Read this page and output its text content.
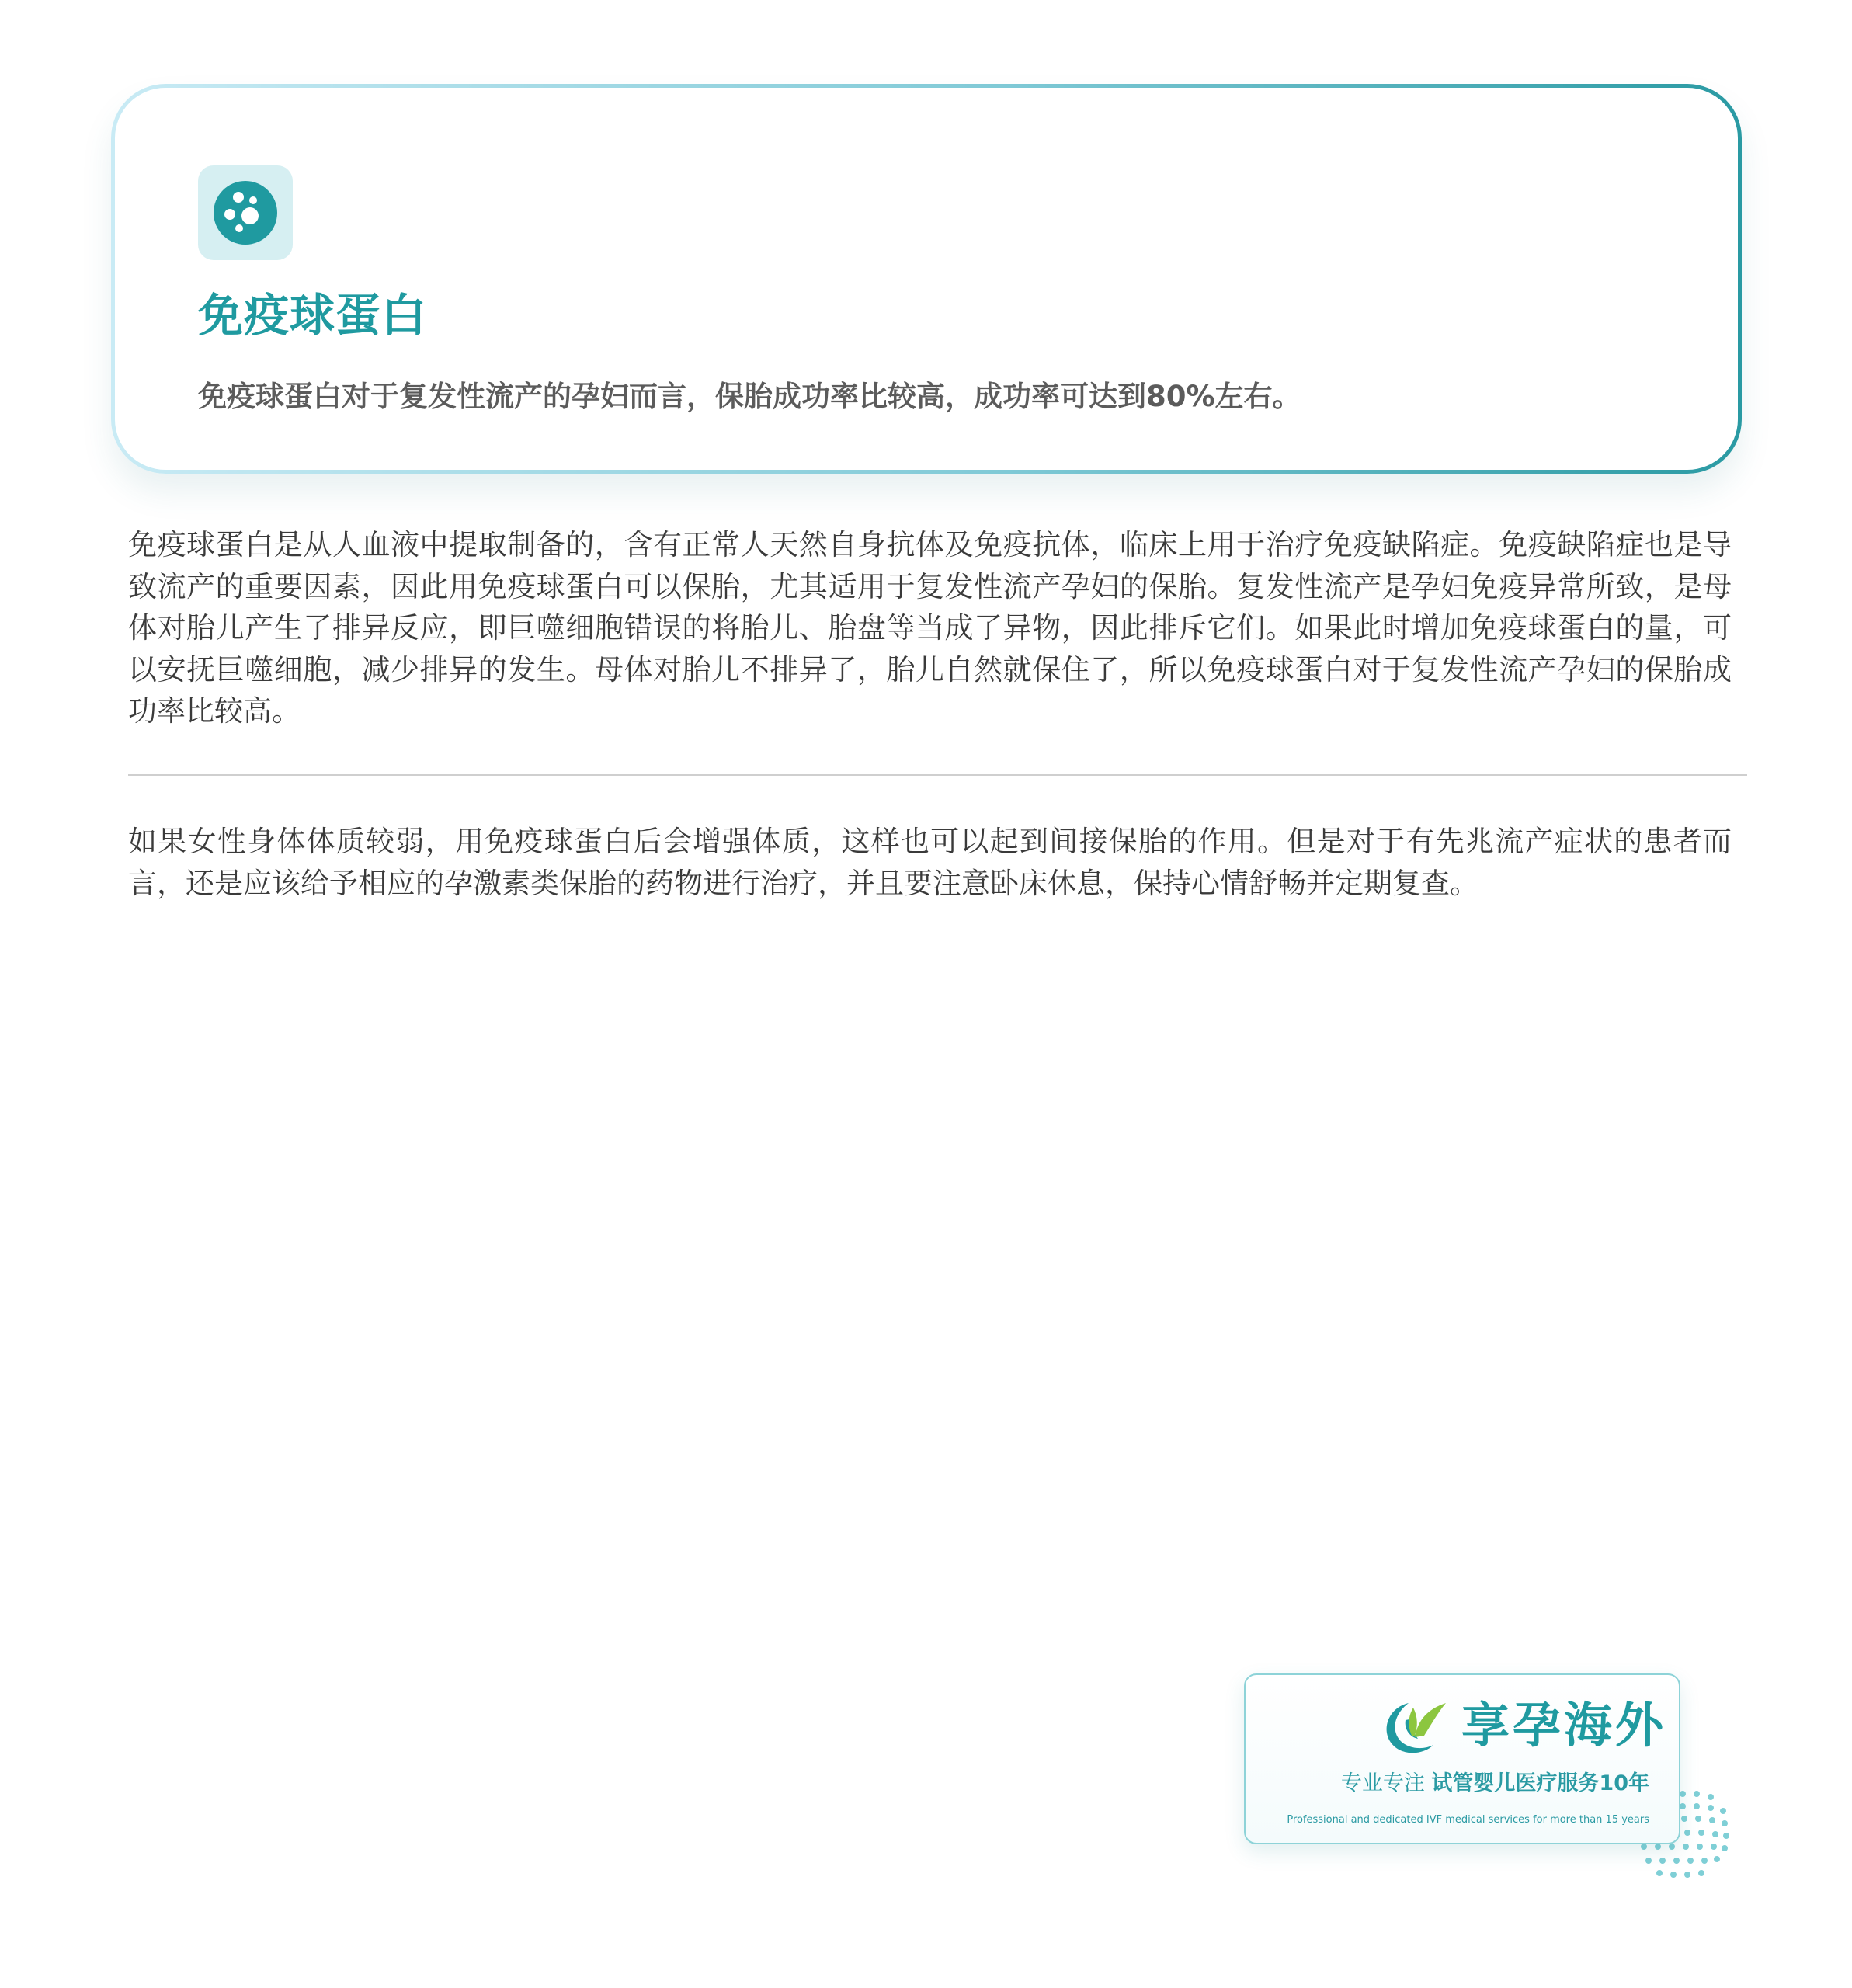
免疫球蛋白

免疫球蛋白对于复发性流产的孕妇而言，保胎成功率比较高，成功率可达到80%左右。

免疫球蛋白是从人血液中提取制备的，含有正常人天然自身抗体及免疫抗体，临床上用于治疗免疫缺陷症。免疫缺陷症也是导致流产的重要因素，因此用免疫球蛋白可以保胎，尤其适用于复发性流产孕妇的保胎。复发性流产是孕妇免疫异常所致，是母体对胎儿产生了排异反应，即巨噬细胞错误的将胎儿、胎盘等当成了异物，因此排斥它们。如果此时增加免疫球蛋白的量，可以安抚巨噬细胞，减少排异的发生。母体对胎儿不排异了，胎儿自然就保住了，所以免疫球蛋白对于复发性流产孕妇的保胎成功率比较高。

如果女性身体体质较弱，用免疫球蛋白后会增强体质，这样也可以起到间接保胎的作用。但是对于有先兆流产症状的患者而言，还是应该给予相应的孕激素类保胎的药物进行治疗，并且要注意卧床休息，保持心情舒畅并定期复查。

享孕海外

专业专注 试管婴儿医疗服务10年

Professional and dedicated IVF medical services for more than 15 years
